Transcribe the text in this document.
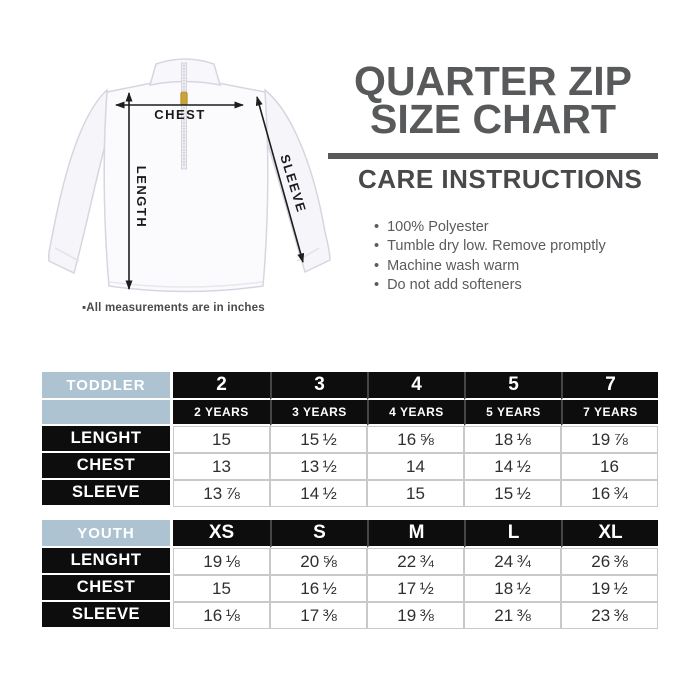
CHEST
LENGTH	SLEEVE
▪All measurements are in inches
QUARTER ZIP
SIZE CHART
CARE INSTRUCTIONS
• 100% Polyester
• Tumble dry low. Remove promptly
• Machine wash warm
• Do not add softeners
TODDLER	2	3	4	5	7
	2 YEARS	3 YEARS	4 YEARS	5 YEARS	7 YEARS
LENGHT	15	15 ½	16 ⅝	18 ⅛	19 ⅞
CHEST	13	13 ½	14	14 ½	16
SLEEVE	13 ⅞	14 ½	15	15 ½	16 ¾
YOUTH	XS	S	M	L	XL
LENGHT	19 ⅛	20 ⅝	22 ¾	24 ¾	26 ⅜
CHEST	15	16 ½	17 ½	18 ½	19 ½
SLEEVE	16 ⅛	17 ⅜	19 ⅜	21 ⅜	23 ⅜
